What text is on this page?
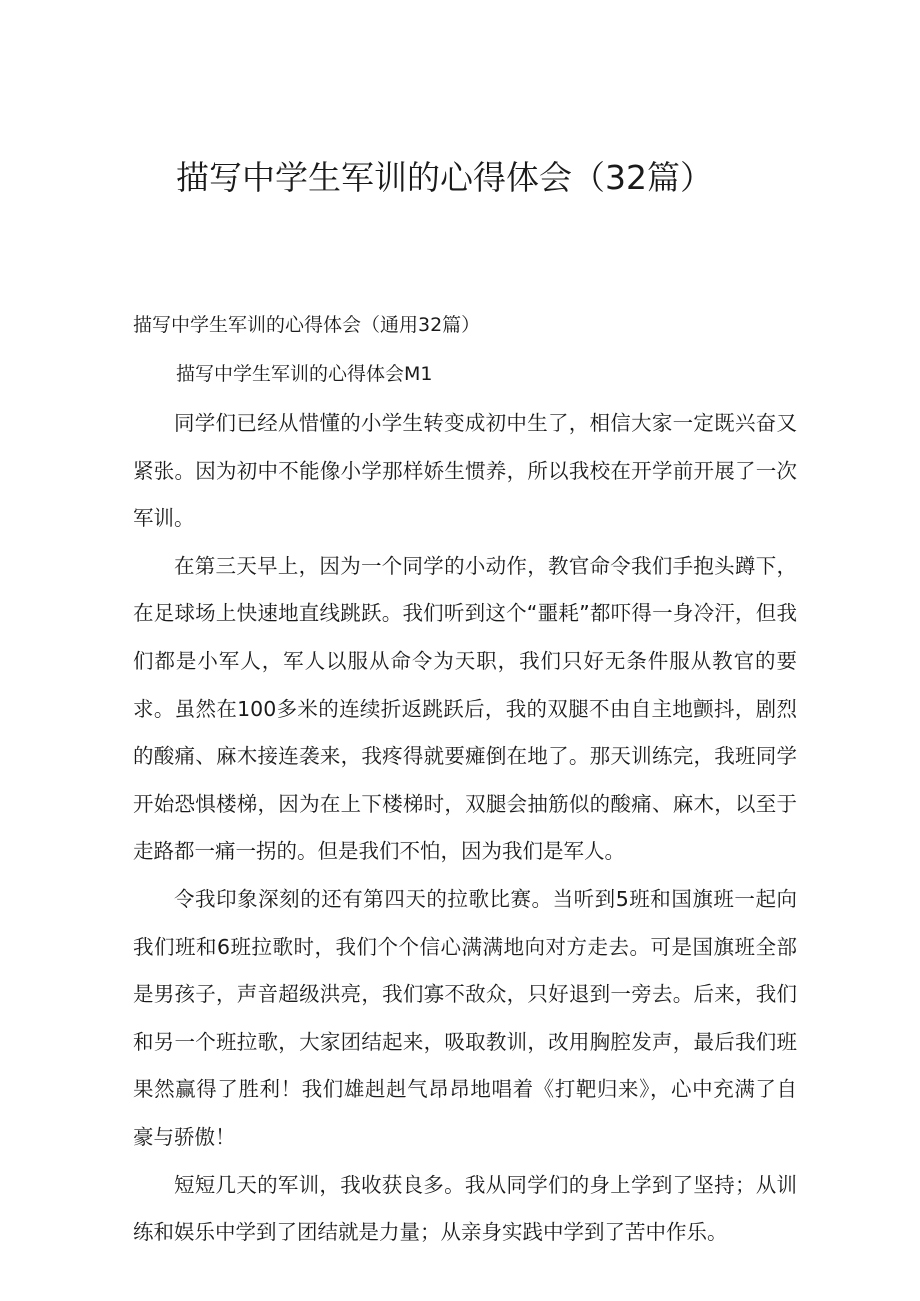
描写中学生军训的心得体会（32篇）

描写中学生军训的心得体会（通用32篇）

描写中学生军训的心得体会M1

同学们已经从惜懂的小学生转变成初中生了，相信大家一定既兴奋又紧张。因为初中不能像小学那样娇生惯养，所以我校在开学前开展了一次军训。

在第三天早上，因为一个同学的小动作，教官命令我们手抱头蹲下，在足球场上快速地直线跳跃。我们听到这个“噩耗”都吓得一身冷汗，但我们都是小军人，军人以服从命令为天职，我们只好无条件服从教官的要求。虽然在100多米的连续折返跳跃后，我的双腿不由自主地颤抖，剧烈的酸痛、麻木接连袭来，我疼得就要瘫倒在地了。那天训练完，我班同学开始恐惧楼梯，因为在上下楼梯时，双腿会抽筋似的酸痛、麻木，以至于走路都一痛一拐的。但是我们不怕，因为我们是军人。

令我印象深刻的还有第四天的拉歌比赛。当听到5班和国旗班一起向我们班和6班拉歌时，我们个个信心满满地向对方走去。可是国旗班全部是男孩子，声音超级洪亮，我们寡不敌众，只好退到一旁去。后来，我们和另一个班拉歌，大家团结起来，吸取教训，改用胸腔发声，最后我们班果然赢得了胜利！我们雄赳赳气昂昂地唱着《打靶归来》，心中充满了自豪与骄傲！

短短几天的军训，我收获良多。我从同学们的身上学到了坚持；从训练和娱乐中学到了团结就是力量；从亲身实践中学到了苦中作乐。
